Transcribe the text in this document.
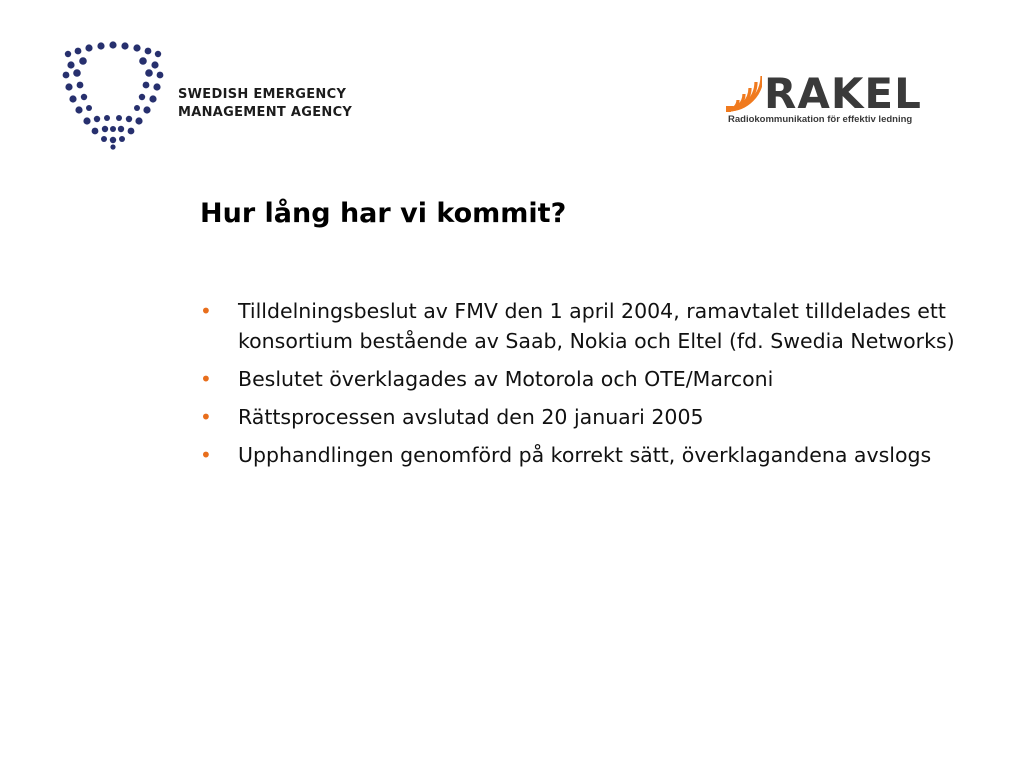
SWEDISH EMERGENCY
MANAGEMENT AGENCY	RAKEL
Radiokommunikation för effektiv ledning
Hur lång har vi kommit?
• Tilldelningsbeslut av FMV den 1 april 2004, ramavtalet tilldelades ett konsortium bestående av Saab, Nokia och Eltel (fd. Swedia Networks)
• Beslutet överklagades av Motorola och OTE/Marconi
• Rättsprocessen avslutad den 20 januari 2005
• Upphandlingen genomförd på korrekt sätt, överklagandena avslogs
